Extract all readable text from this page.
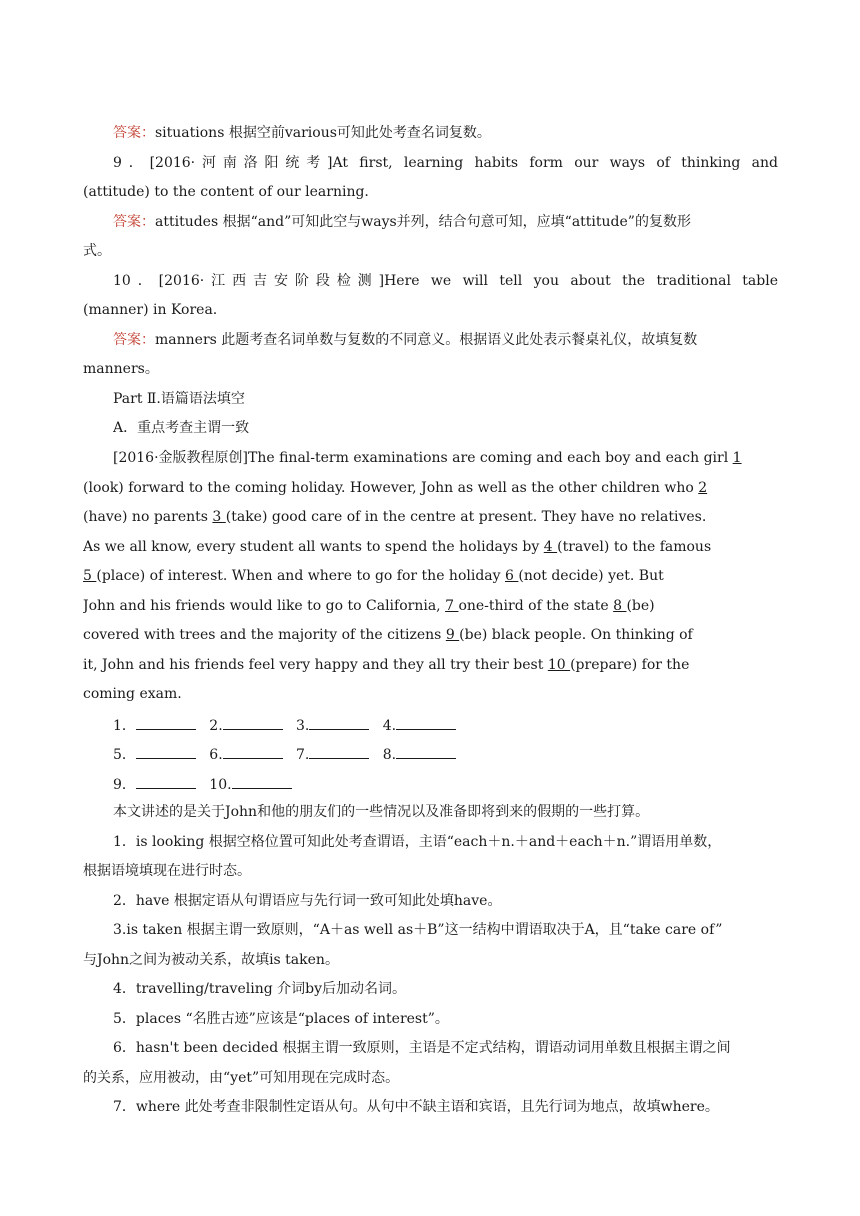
答案：situations 根据空前various可知此处考查名词复数。
9．[2016·河南洛阳统考]At first, learning habits form our ways of thinking and
(attitude) to the content of our learning.
答案：attitudes 根据“and”可知此空与ways并列，结合句意可知，应填“attitude”的复数形
式。
10．[2016·江西吉安阶段检测]Here we will tell you about the traditional table
(manner) in Korea.
答案：manners 此题考查名词单数与复数的不同意义。根据语义此处表示餐桌礼仪，故填复数
manners。
Part Ⅱ.语篇语法填空
A．重点考查主谓一致
[2016·金版教程原创]The final-term examinations are coming and each boy and each girl 1
(look) forward to the coming holiday. However, John as well as the other children who 2
(have) no parents 3 (take) good care of in the centre at present. They have no relatives.
As we all know, every student all wants to spend the holidays by 4 (travel) to the famous
5 (place) of interest. When and where to go for the holiday 6 (not decide) yet. But
John and his friends would like to go to California, 7 one-third of the state 8 (be)
covered with trees and the majority of the citizens 9 (be) black people. On thinking of
it, John and his friends feel very happy and they all try their best 10 (prepare) for the
coming exam.
1．	2.	3.	4.
5．	6.	7.	8.
9．	10.
本文讲述的是关于John和他的朋友们的一些情况以及准备即将到来的假期的一些打算。
1．is looking 根据空格位置可知此处考查谓语，主语“each＋n.＋and＋each＋n.”谓语用单数，
根据语境填现在进行时态。
2．have 根据定语从句谓语应与先行词一致可知此处填have。
3.is taken 根据主谓一致原则，“A＋as well as＋B”这一结构中谓语取决于A，且“take care of”
与John之间为被动关系，故填is taken。
4．travelling/traveling 介词by后加动名词。
5．places “名胜古迹”应该是“places of interest”。
6．hasn't been decided 根据主谓一致原则，主语是不定式结构，谓语动词用单数且根据主谓之间
的关系，应用被动，由“yet”可知用现在完成时态。
7．where 此处考查非限制性定语从句。从句中不缺主语和宾语，且先行词为地点，故填where。
